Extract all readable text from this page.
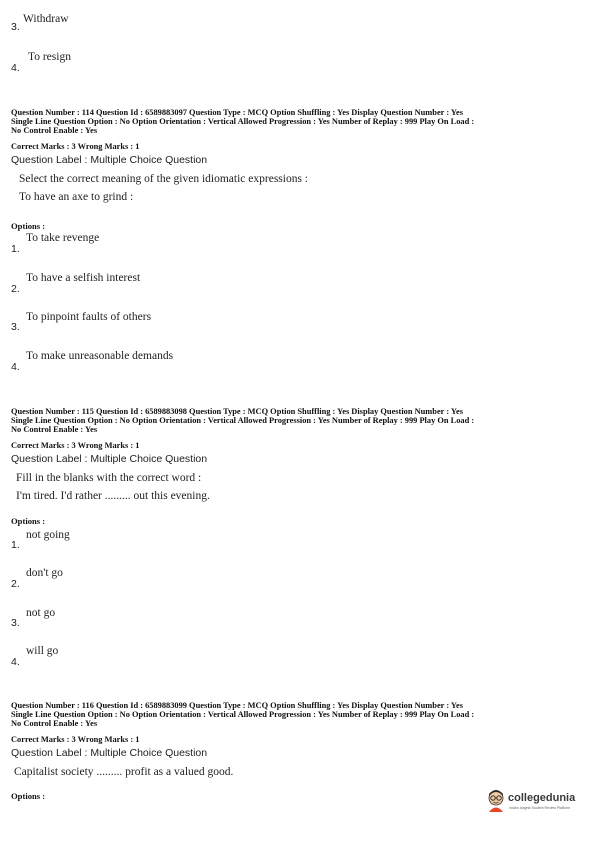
3.
Withdraw
4.
To resign
Question Number : 114 Question Id : 6589883097 Question Type : MCQ Option Shuffling : Yes Display Question Number : Yes
Single Line Question Option : No Option Orientation : Vertical Allowed Progression : Yes Number of Replay : 999 Play On Load :
No Control Enable : Yes
Correct Marks : 3 Wrong Marks : 1
Question Label : Multiple Choice Question
Select the correct meaning of the given idiomatic expressions :
To have an axe to grind :
Options :
1.
To take revenge
2.
To have a selfish interest
3.
To pinpoint faults of others
4.
To make unreasonable demands
Question Number : 115 Question Id : 6589883098 Question Type : MCQ Option Shuffling : Yes Display Question Number : Yes
Single Line Question Option : No Option Orientation : Vertical Allowed Progression : Yes Number of Replay : 999 Play On Load :
No Control Enable : Yes
Correct Marks : 3 Wrong Marks : 1
Question Label : Multiple Choice Question
Fill in the blanks with the correct word :
I'm tired. I'd rather ......... out this evening.
Options :
1.
not going
2.
don't go
3.
not go
4.
will go
Question Number : 116 Question Id : 6589883099 Question Type : MCQ Option Shuffling : Yes Display Question Number : Yes
Single Line Question Option : No Option Orientation : Vertical Allowed Progression : Yes Number of Replay : 999 Play On Load :
No Control Enable : Yes
Correct Marks : 3 Wrong Marks : 1
Question Label : Multiple Choice Question
Capitalist society ......... profit as a valued good.
Options :	collegedunia
India's largest Student Review Platform
